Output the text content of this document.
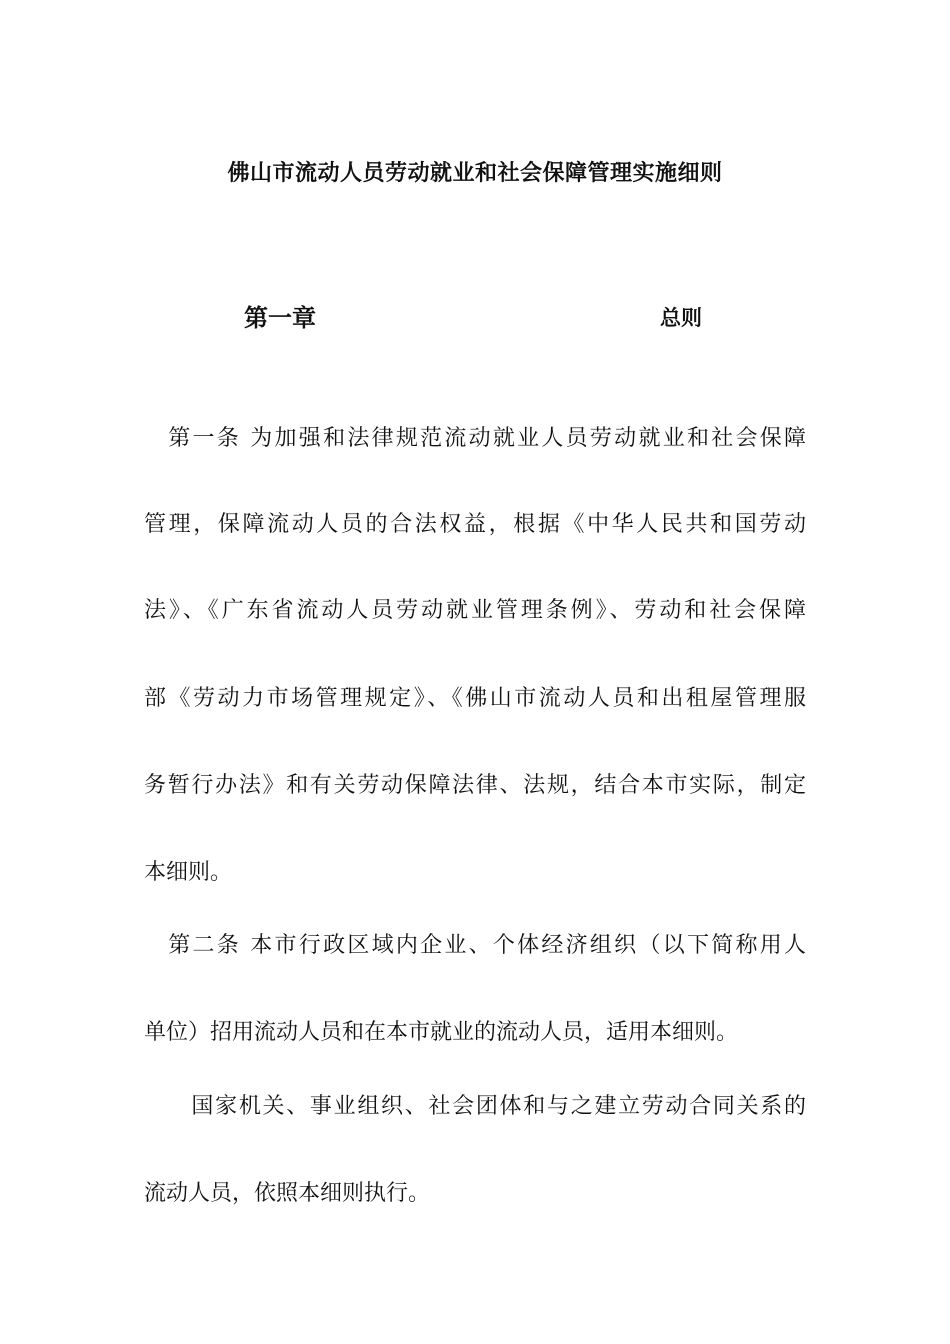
佛山市流动人员劳动就业和社会保障管理实施细则
第一章	总则
　第一条 为加强和法律规范流动就业人员劳动就业和社会保障
管理，保障流动人员的合法权益，根据《中华人民共和国劳动
法》、《广东省流动人员劳动就业管理条例》、劳动和社会保障
部《劳动力市场管理规定》、《佛山市流动人员和出租屋管理服
务暂行办法》和有关劳动保障法律、法规，结合本市实际，制定
本细则。
　第二条 本市行政区域内企业、个体经济组织（以下简称用人
单位）招用流动人员和在本市就业的流动人员，适用本细则。
　　国家机关、事业组织、社会团体和与之建立劳动合同关系的
流动人员，依照本细则执行。
